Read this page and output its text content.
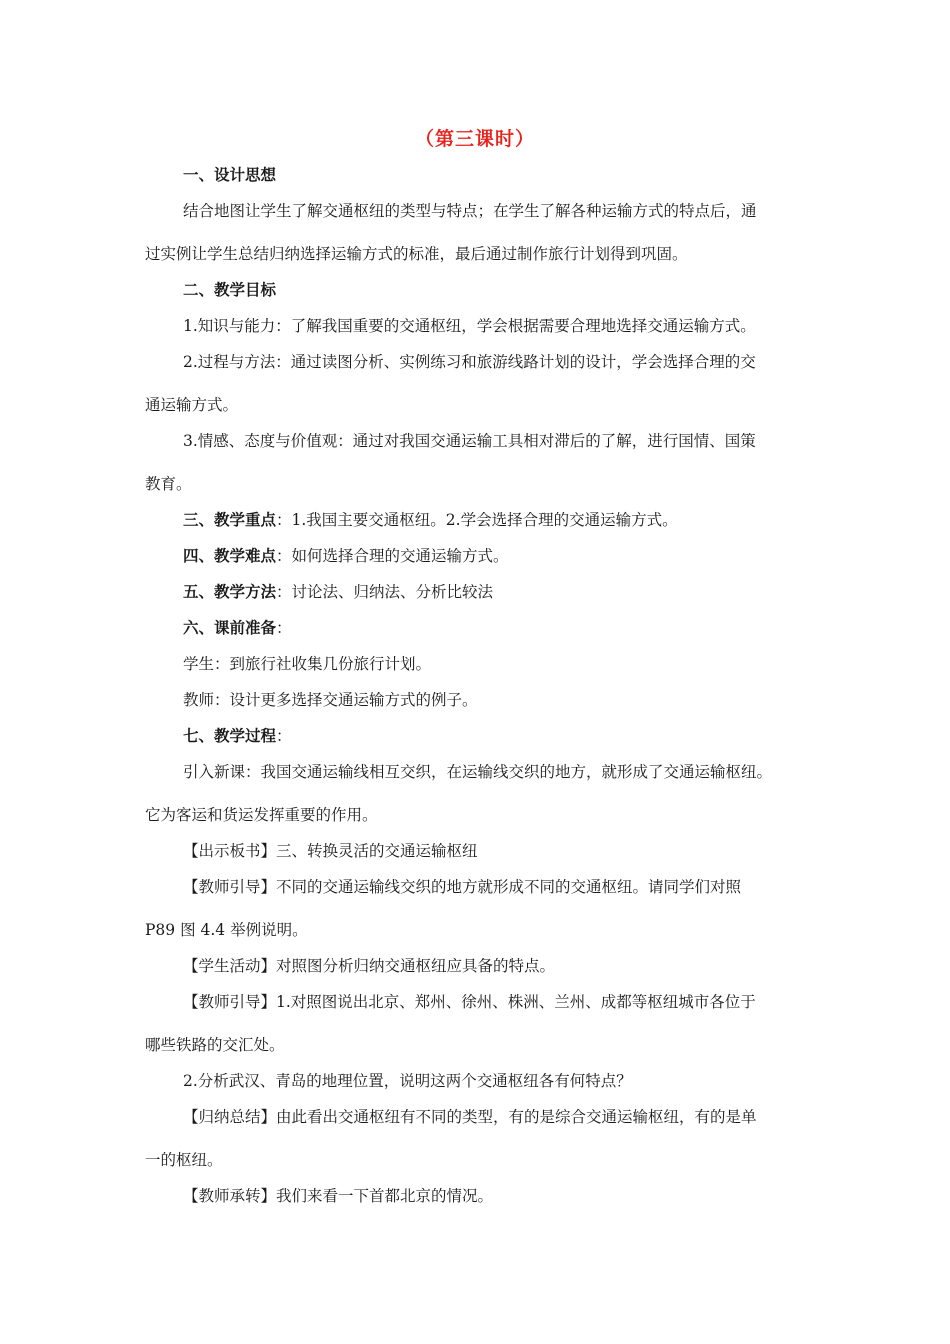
（第三课时）
一、设计思想
结合地图让学生了解交通枢纽的类型与特点；在学生了解各种运输方式的特点后，通
过实例让学生总结归纳选择运输方式的标准，最后通过制作旅行计划得到巩固。
二、教学目标
1.知识与能力：了解我国重要的交通枢纽，学会根据需要合理地选择交通运输方式。
2.过程与方法：通过读图分析、实例练习和旅游线路计划的设计，学会选择合理的交
通运输方式。
3.情感、态度与价值观：通过对我国交通运输工具相对滞后的了解，进行国情、国策
教育。
三、教学重点：1.我国主要交通枢纽。2.学会选择合理的交通运输方式。
四、教学难点：如何选择合理的交通运输方式。
五、教学方法：讨论法、归纳法、分析比较法
六、课前准备：
学生：到旅行社收集几份旅行计划。
教师：设计更多选择交通运输方式的例子。
七、教学过程：
引入新课：我国交通运输线相互交织，在运输线交织的地方，就形成了交通运输枢纽。
它为客运和货运发挥重要的作用。
【出示板书】三、转换灵活的交通运输枢纽
【教师引导】不同的交通运输线交织的地方就形成不同的交通枢纽。请同学们对照
P89 图 4.4 举例说明。
【学生活动】对照图分析归纳交通枢纽应具备的特点。
【教师引导】1.对照图说出北京、郑州、徐州、株洲、兰州、成都等枢纽城市各位于
哪些铁路的交汇处。
2.分析武汉、青岛的地理位置，说明这两个交通枢纽各有何特点？
【归纳总结】由此看出交通枢纽有不同的类型，有的是综合交通运输枢纽，有的是单
一的枢纽。
【教师承转】我们来看一下首都北京的情况。
